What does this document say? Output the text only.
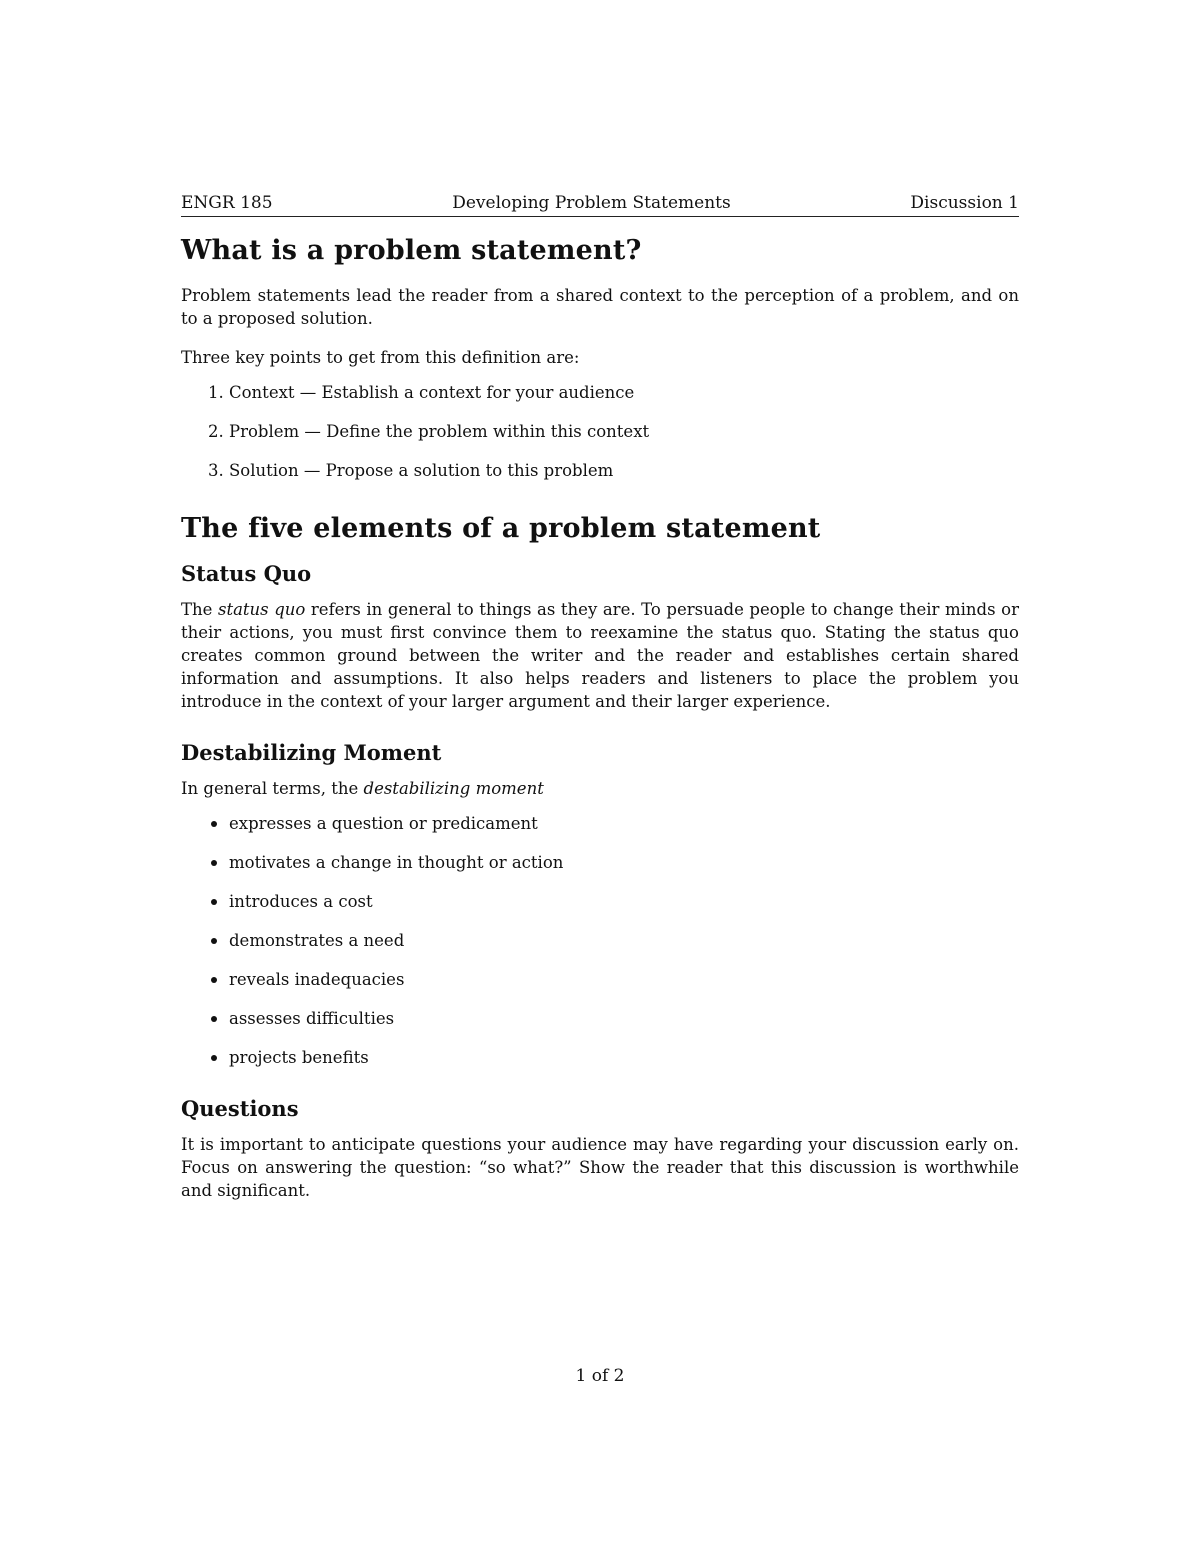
ENGR 185	Developing Problem Statements	Discussion 1
What is a problem statement?

Problem statements lead the reader from a shared context to the perception of a problem, and on to a proposed solution.

Three key points to get from this definition are:

1. Context — Establish a context for your audience
2. Problem — Define the problem within this context
3. Solution — Propose a solution to this problem
The five elements of a problem statement
Status Quo

The status quo refers in general to things as they are. To persuade people to change their minds or their actions, you must first convince them to reexamine the status quo. Stating the status quo creates common ground between the writer and the reader and establishes certain shared information and assumptions. It also helps readers and listeners to place the problem you introduce in the context of your larger argument and their larger experience.

Destabilizing Moment

In general terms, the destabilizing moment

expresses a question or predicament
motivates a change in thought or action
introduces a cost
demonstrates a need
reveals inadequacies
assesses difficulties
projects benefits
Questions

It is important to anticipate questions your audience may have regarding your discussion early on. Focus on answering the question: “so what?” Show the reader that this discussion is worthwhile and significant.

1 of 2
